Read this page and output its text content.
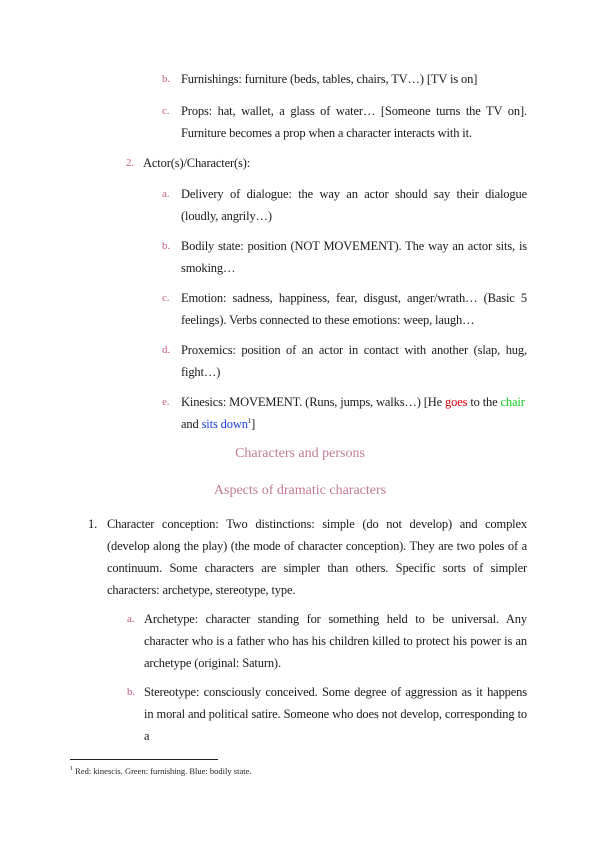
b. Furnishings: furniture (beds, tables, chairs, TV…) [TV is on]
c. Props: hat, wallet, a glass of water… [Someone turns the TV on]. Furniture becomes a prop when a character interacts with it.
2. Actor(s)/Character(s):
a. Delivery of dialogue: the way an actor should say their dialogue (loudly, angrily…)
b. Bodily state: position (NOT MOVEMENT). The way an actor sits, is smoking…
c. Emotion: sadness, happiness, fear, disgust, anger/wrath… (Basic 5 feelings). Verbs connected to these emotions: weep, laugh…
d. Proxemics: position of an actor in contact with another (slap, hug, fight…)
e. Kinesics: MOVEMENT. (Runs, jumps, walks…) [He goes to the chair and sits down$^1$]
Characters and persons
Aspects of dramatic characters
1. Character conception: Two distinctions: simple (do not develop) and complex (develop along the play) (the mode of character conception). They are two poles of a continuum. Some characters are simpler than others. Specific sorts of simpler characters: archetype, stereotype, type.
a. Archetype: character standing for something held to be universal. Any character who is a father who has his children killed to protect his power is an archetype (original: Saturn).
b. Stereotype: consciously conceived. Some degree of aggression as it happens in moral and political satire. Someone who does not develop, corresponding to a
$^1$ Red: kinescis. Green: furnishing. Blue: bodily state.
